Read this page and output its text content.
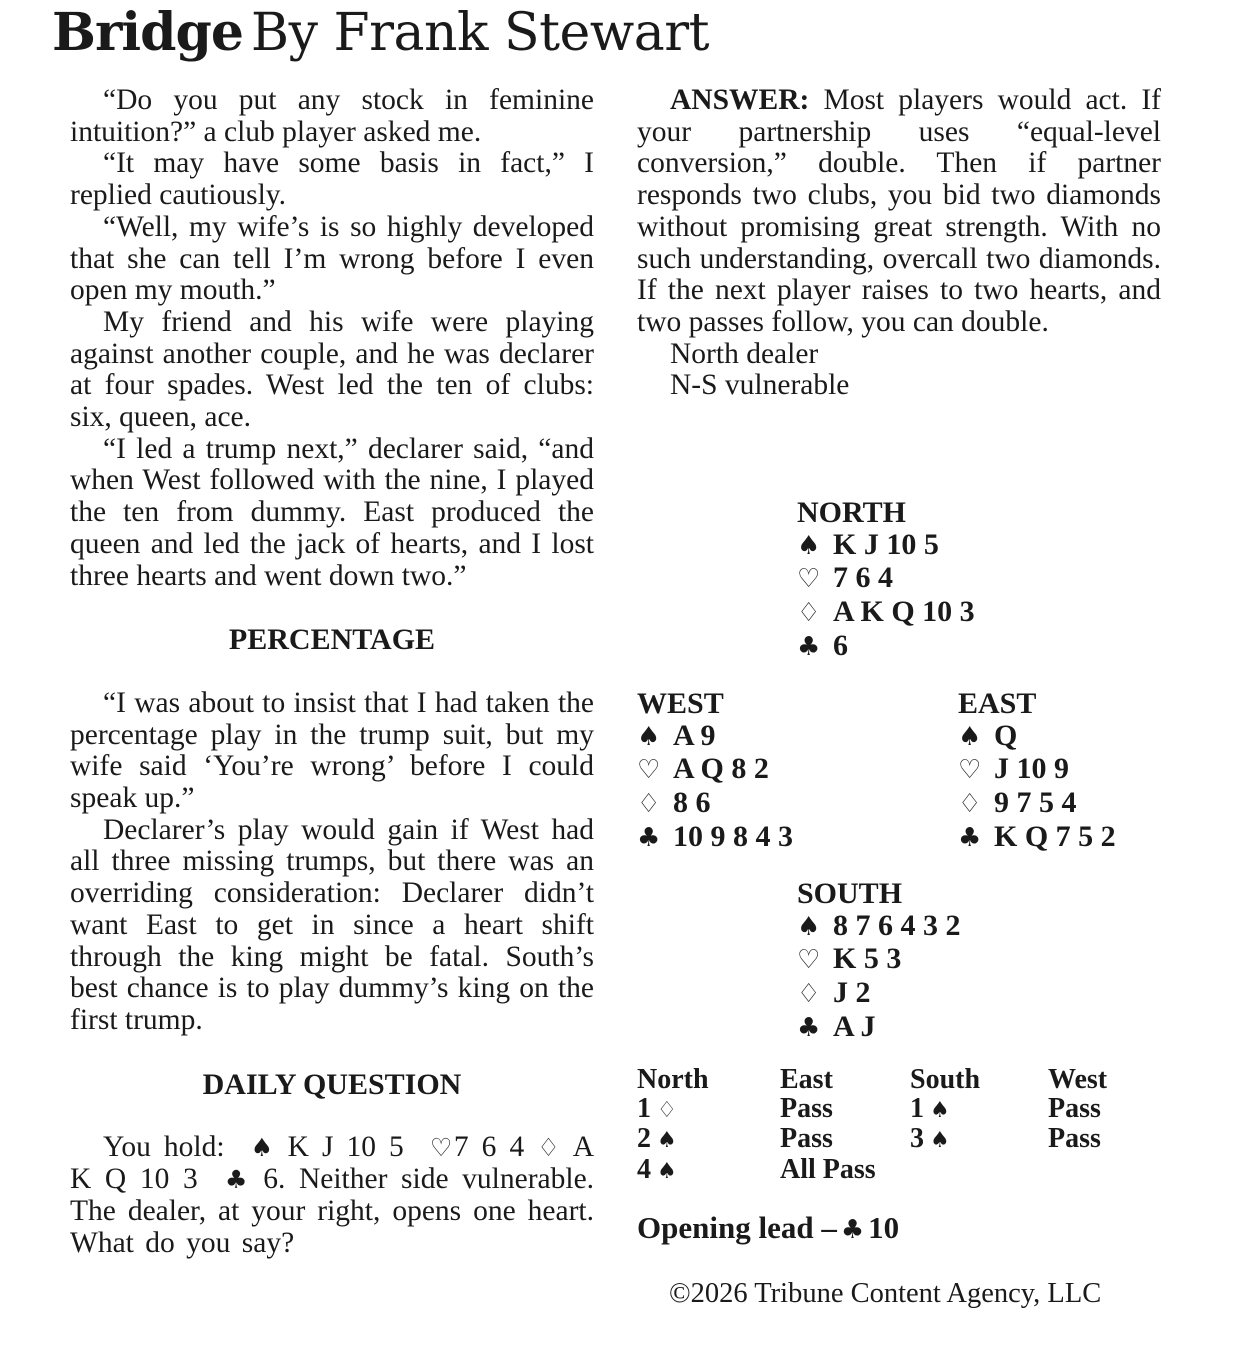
Bridge By Frank Stewart

“Do you put any stock in feminine intuition?” a club player asked me.

“It may have some basis in fact,” I replied cautiously.

“Well, my wife’s is so highly developed that she can tell I’m wrong before I even open my mouth.”

My friend and his wife were playing against another couple, and he was declarer at four spades. West led the ten of clubs: six, queen, ace.

“I led a trump next,” declarer said, “and when West followed with the nine, I played the ten from dummy. East produced the queen and led the jack of hearts, and I lost three hearts and went down two.”

PERCENTAGE

“I was about to insist that I had taken the percentage play in the trump suit, but my wife said ‘You’re wrong’ before I could speak up.”

Declarer’s play would gain if West had all three missing trumps, but there was an overriding consideration: Declarer didn’t want East to get in since a heart shift through the king might be fatal. South’s best chance is to play dummy’s king on the first trump.

DAILY QUESTION

You hold: ♠ K J 10 5 ♡7 6 4 ♢ A K Q 10 3 ♣ 6. Neither side vulnerable. The dealer, at your right, opens one heart. What do you say?

ANSWER: Most players would act. If your partnership uses “equal-level conversion,” double. Then if partner responds two clubs, you bid two diamonds without promising great strength. With no such understanding, overcall two diamonds. If the next player raises to two hearts, and two passes follow, you can double.

North dealer

N-S vulnerable

NORTH
♠ K J 10 5
♡ 7 6 4
♢ A K Q 10 3
♣ 6
WEST
♠ A 9
♡ A Q 8 2
♢ 8 6
♣ 10 9 8 4 3
EAST
♠ Q
♡ J 10 9
♢ 9 7 5 4
♣ K Q 7 5 2
SOUTH
♠ 8 7 6 4 3 2
♡ K 5 3
♢ J 2
♣ A J
North	East	South	West
1 ♢	Pass	1 ♠	Pass
2 ♠	Pass	3 ♠	Pass
4 ♠	All Pass
Opening lead – ♣ 10
©2026 Tribune Content Agency, LLC
